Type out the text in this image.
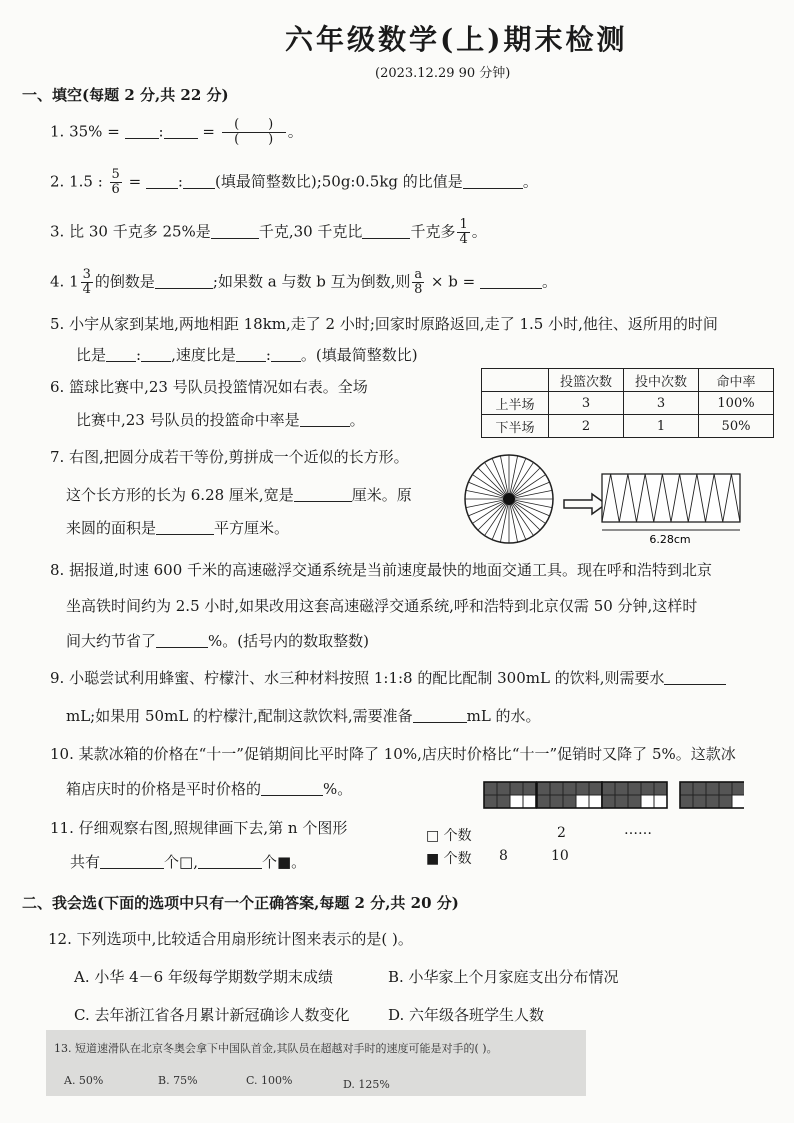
六年级数学(上)期末检测
(2023.12.29 90 分钟)
一、填空(每题 2 分,共 22 分)
1. 35% = : = $\frac{( )}{( )}$ 。
2. 1.5 : $\frac{5}{6}$ = : (填最简整数比);50g:0.5kg 的比值是	。
3. 比 30 千克多 25%是	千克,30 千克比	千克多 $\frac{1}{4}$ 。
4. $1 \frac{3}{4}$ 的倒数是	;如果数 a 与数 b 互为倒数,则 $\frac{a}{8} \times b$ =	。
5. 小宇从家到某地,两地相距 18km,走了 2 小时;回家时原路返回,走了 1.5 小时,他往、返所用的时间
比是 : ,速度比是 : 。(填最简整数比)
6. 篮球比赛中,23 号队员投篮情况如右表。全场
比赛中,23 号队员的投篮命中率是	。
	投篮次数	投中次数	命中率
上半场	3	3	100%
下半场	2	1	50%
7. 右图,把圆分成若干等份,剪拼成一个近似的长方形。
这个长方形的长为 6.28 厘米,宽是	厘米。原
来圆的面积是	平方厘米。
6.28cm
8. 据报道,时速 600 千米的高速磁浮交通系统是当前速度最快的地面交通工具。现在呼和浩特到北京
坐高铁时间约为 2.5 小时,如果改用这套高速磁浮交通系统,呼和浩特到北京仅需 50 分钟,这样时
间大约节省了	%。(括号内的数取整数)
9. 小聪尝试利用蜂蜜、柠檬汁、水三种材料按照 1:1:8 的配比配制 300mL 的饮料,则需要水
mL;如果用 50mL 的柠檬汁,配制这款饮料,需要准备	mL 的水。
10. 某款冰箱的价格在“十一”促销期间比平时降了 10%,店庆时价格比“十一”促销时又降了 5%。这款冰
箱店庆时的价格是平时价格的	%。
11. 仔细观察右图,照规律画下去,第 n 个图形
共有	个□,	个■。
□ 个数
■ 个数
2	……
8	10
二、我会选(下面的选项中只有一个正确答案,每题 2 分,共 20 分)
12. 下列选项中,比较适合用扇形统计图来表示的是( )。
A. 小华 4－6 年级每学期数学期末成绩	B. 小华家上个月家庭支出分布情况
C. 去年浙江省各月累计新冠确诊人数变化	D. 六年级各班学生人数
13. 短道速滑队在北京冬奥会拿下中国队首金,其队员在超越对手时的速度可能是对手的( )。
A. 50%	B. 75%	C. 100%	D. 125%
